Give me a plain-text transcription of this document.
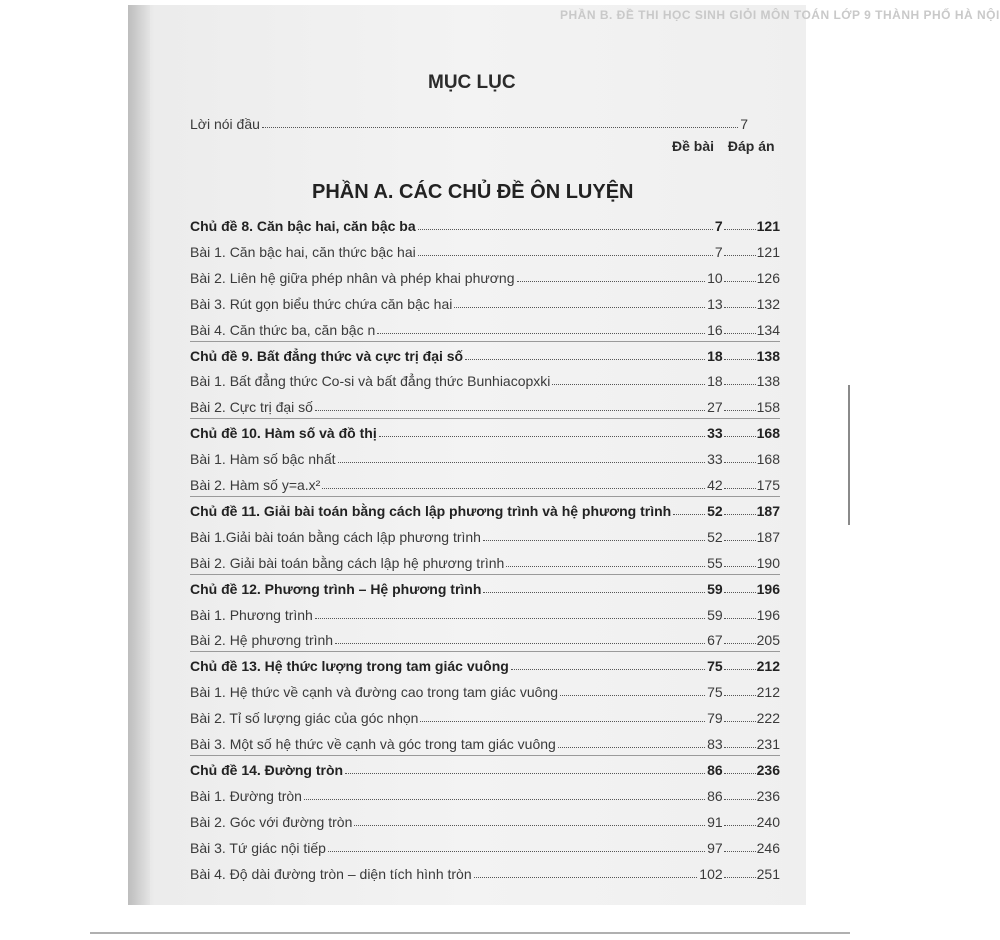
PHẦN B. ĐỀ THI HỌC SINH GIỎI MÔN TOÁN LỚP 9 THÀNH PHỐ HÀ NỘI
MỤC LỤC
Lời nói đầu	7
Đề bài Đáp án
PHẦN A. CÁC CHỦ ĐỀ ÔN LUYỆN
Chủ đề 8. Căn bậc hai, căn bậc ba	7 121
Bài 1. Căn bậc hai, căn thức bậc hai	7 121
Bài 2. Liên hệ giữa phép nhân và phép khai phương	10 126
Bài 3. Rút gọn biểu thức chứa căn bậc hai	13 132
Bài 4. Căn thức ba, căn bậc n	16 134
Chủ đề 9. Bất đẳng thức và cực trị đại số	18 138
Bài 1. Bất đẳng thức Co-si và bất đẳng thức Bunhiacopxki	18 138
Bài 2. Cực trị đại số	27 158
Chủ đề 10. Hàm số và đồ thị	33 168
Bài 1. Hàm số bậc nhất	33 168
Bài 2. Hàm số y=a.x²	42 175
Chủ đề 11. Giải bài toán bằng cách lập phương trình và hệ phương trình	52 187
Bài 1.Giải bài toán bằng cách lập phương trình	52 187
Bài 2. Giải bài toán bằng cách lập hệ phương trình	55 190
Chủ đề 12. Phương trình – Hệ phương trình	59 196
Bài 1. Phương trình	59 196
Bài 2. Hệ phương trình	67 205
Chủ đề 13. Hệ thức lượng trong tam giác vuông	75 212
Bài 1. Hệ thức về cạnh và đường cao trong tam giác vuông	75 212
Bài 2. Tỉ số lượng giác của góc nhọn	79 222
Bài 3. Một số hệ thức về cạnh và góc trong tam giác vuông	83 231
Chủ đề 14. Đường tròn	86 236
Bài 1. Đường tròn	86 236
Bài 2. Góc với đường tròn	91 240
Bài 3. Tứ giác nội tiếp	97 246
Bài 4. Độ dài đường tròn – diện tích hình tròn	102 251
